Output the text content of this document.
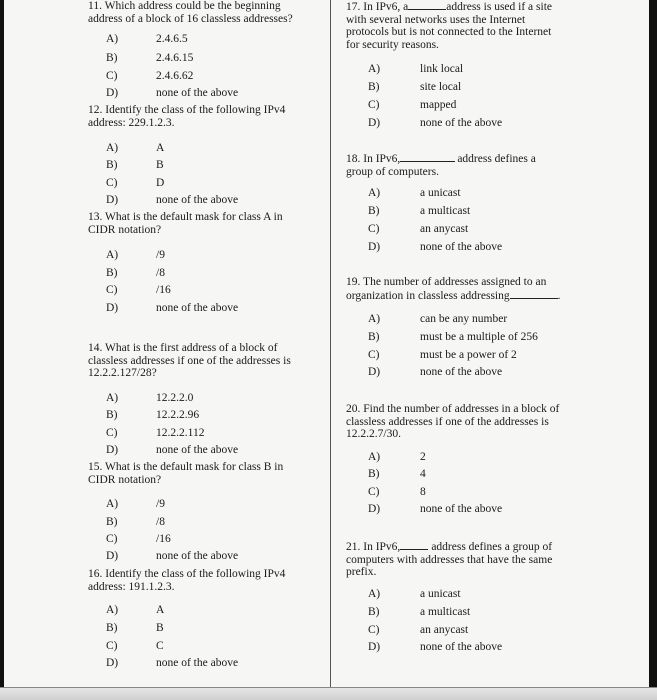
11. Which address could be the beginning
address of a block of 16 classless addresses?
A)	2.4.6.5
B)	2.4.6.15
C)	2.4.6.62
D)	none of the above
12. Identify the class of the following IPv4
address: 229.1.2.3.
A)	A
B)	B
C)	D
D)	none of the above
13. What is the default mask for class A in
CIDR notation?
A)	/9
B)	/8
C)	/16
D)	none of the above
14. What is the first address of a block of
classless addresses if one of the addresses is
12.2.2.127/28?
A)	12.2.2.0
B)	12.2.2.96
C)	12.2.2.112
D)	none of the above
15. What is the default mask for class B in
CIDR notation?
A)	/9
B)	/8
C)	/16
D)	none of the above
16. Identify the class of the following IPv4
address: 191.1.2.3.
A)	A
B)	B
C)	C
D)	none of the above
17. In IPv6, a	address is used if a site
with several networks uses the Internet
protocols but is not connected to the Internet
for security reasons.
A)	link local
B)	site local
C)	mapped
D)	none of the above
18. In IPv6,	address defines a
group of computers.
A)	a unicast
B)	a multicast
C)	an anycast
D)	none of the above
19. The number of addresses assigned to an
organization in classless addressing	.
A)	can be any number
B)	must be a multiple of 256
C)	must be a power of 2
D)	none of the above
20. Find the number of addresses in a block of
classless addresses if one of the addresses is
12.2.2.7/30.
A)	2
B)	4
C)	8
D)	none of the above
21. In IPv6,	address defines a group of
computers with addresses that have the same
prefix.
A)	a unicast
B)	a multicast
C)	an anycast
D)	none of the above
